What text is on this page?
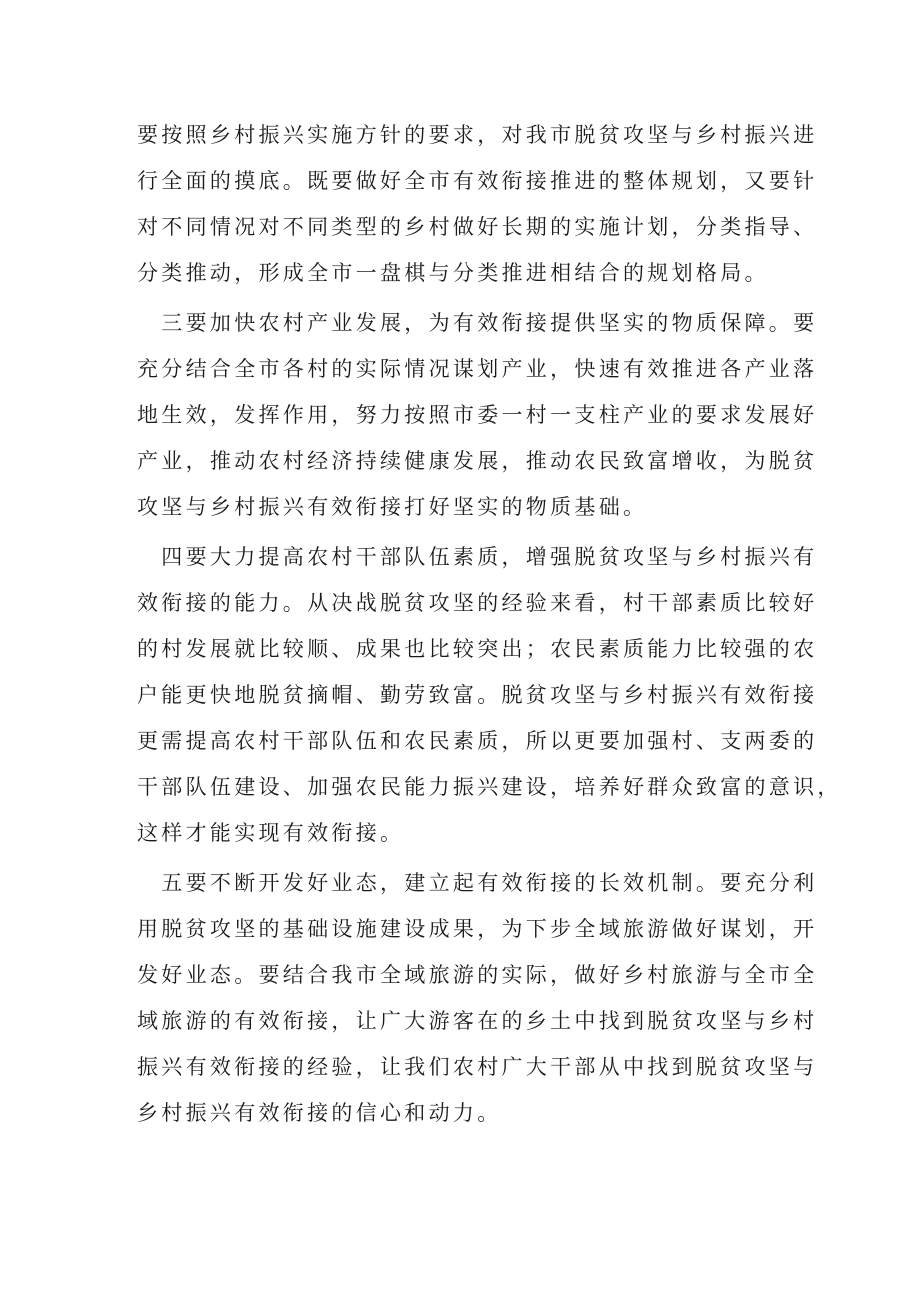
要按照乡村振兴实施方针的要求，对我市脱贫攻坚与乡村振兴进
行全面的摸底。既要做好全市有效衔接推进的整体规划，又要针
对不同情况对不同类型的乡村做好长期的实施计划，分类指导、
分类推动，形成全市一盘棋与分类推进相结合的规划格局。
　三要加快农村产业发展，为有效衔接提供坚实的物质保障。要
充分结合全市各村的实际情况谋划产业，快速有效推进各产业落
地生效，发挥作用，努力按照市委一村一支柱产业的要求发展好
产业，推动农村经济持续健康发展，推动农民致富增收，为脱贫
攻坚与乡村振兴有效衔接打好坚实的物质基础。
　四要大力提高农村干部队伍素质，增强脱贫攻坚与乡村振兴有
效衔接的能力。从决战脱贫攻坚的经验来看，村干部素质比较好
的村发展就比较顺、成果也比较突出；农民素质能力比较强的农
户能更快地脱贫摘帽、勤劳致富。脱贫攻坚与乡村振兴有效衔接
更需提高农村干部队伍和农民素质，所以更要加强村、支两委的
干部队伍建设、加强农民能力振兴建设，培养好群众致富的意识，
这样才能实现有效衔接。
　五要不断开发好业态，建立起有效衔接的长效机制。要充分利
用脱贫攻坚的基础设施建设成果，为下步全域旅游做好谋划，开
发好业态。要结合我市全域旅游的实际，做好乡村旅游与全市全
域旅游的有效衔接，让广大游客在的乡土中找到脱贫攻坚与乡村
振兴有效衔接的经验，让我们农村广大干部从中找到脱贫攻坚与
乡村振兴有效衔接的信心和动力。
